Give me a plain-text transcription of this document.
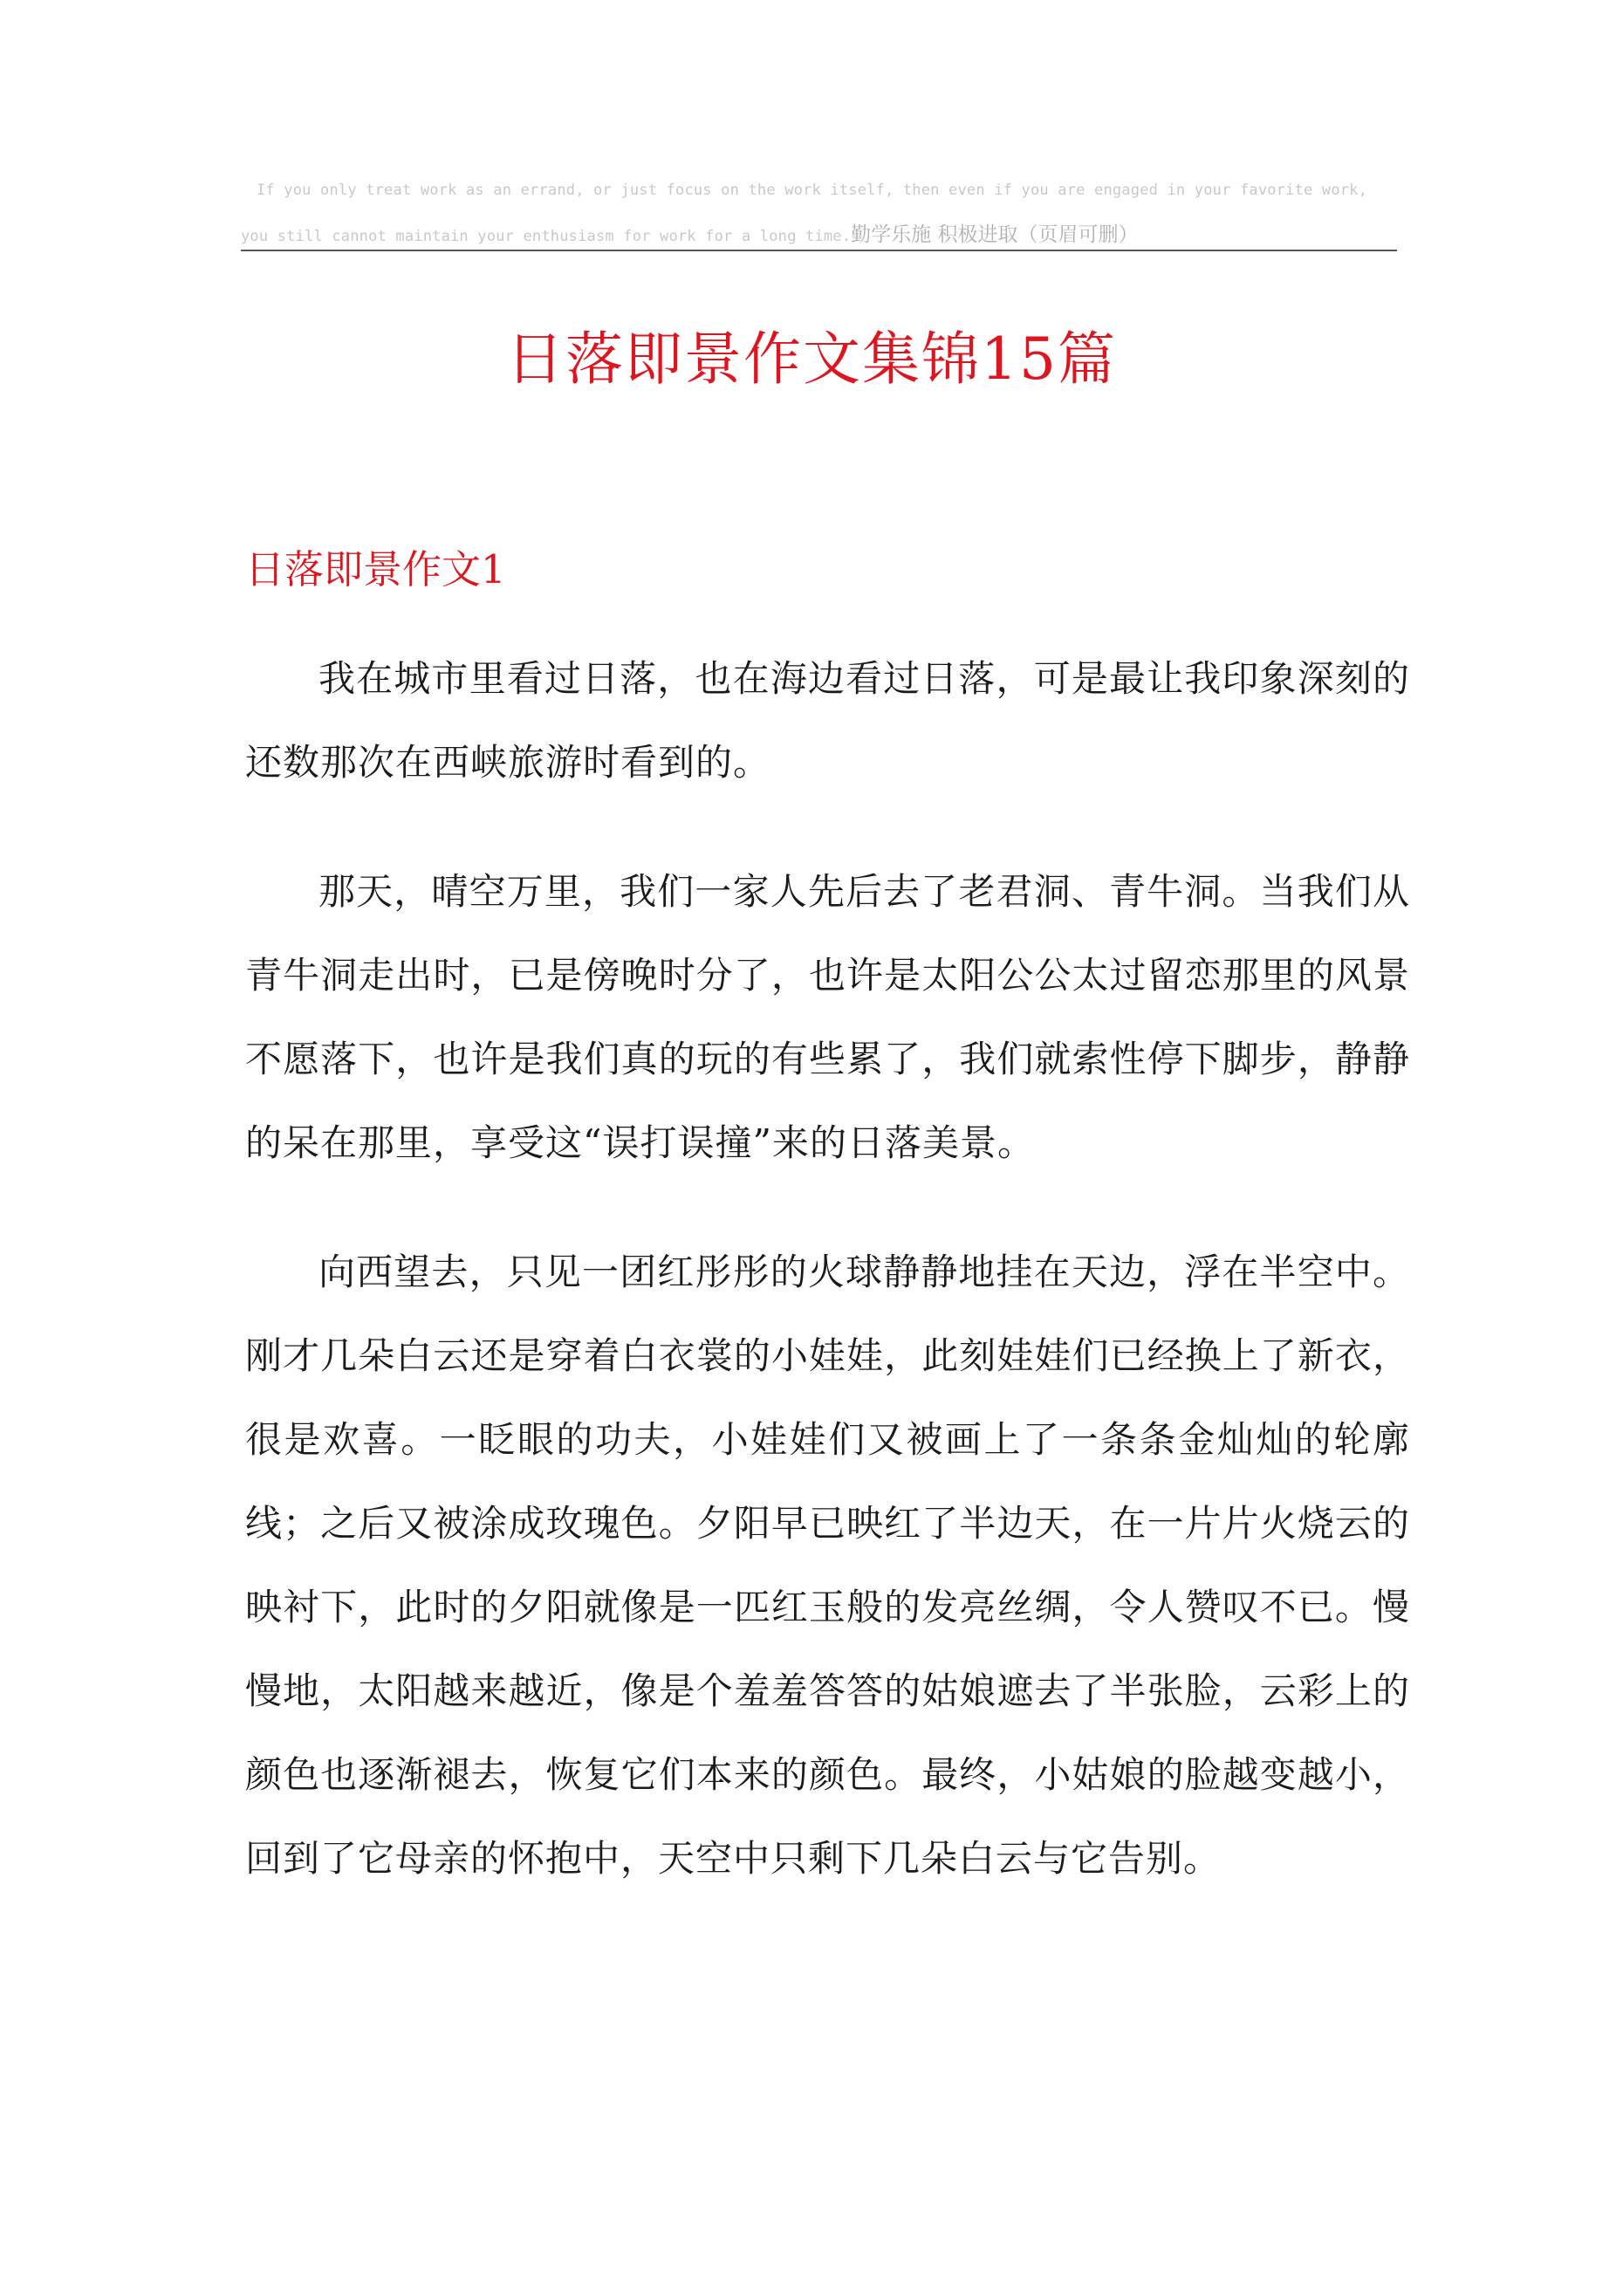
If you only treat work as an errand, or just focus on the work itself, then even if you are engaged in your favorite work,
you still cannot maintain your enthusiasm for work for a long time.勤学乐施 积极进取（页眉可删）
日落即景作文集锦15篇
日落即景作文1

我在城市里看过日落，也在海边看过日落，可是最让我印象深刻的还数那次在西峡旅游时看到的。

那天，晴空万里，我们一家人先后去了老君洞、青牛洞。当我们从青牛洞走出时，已是傍晚时分了，也许是太阳公公太过留恋那里的风景不愿落下，也许是我们真的玩的有些累了，我们就索性停下脚步，静静的呆在那里，享受这“误打误撞”来的日落美景。

向西望去，只见一团红彤彤的火球静静地挂在天边，浮在半空中。刚才几朵白云还是穿着白衣裳的小娃娃，此刻娃娃们已经换上了新衣，很是欢喜。一眨眼的功夫，小娃娃们又被画上了一条条金灿灿的轮廓线；之后又被涂成玫瑰色。夕阳早已映红了半边天，在一片片火烧云的映衬下，此时的夕阳就像是一匹红玉般的发亮丝绸，令人赞叹不已。慢慢地，太阳越来越近，像是个羞羞答答的姑娘遮去了半张脸，云彩上的颜色也逐渐褪去，恢复它们本来的颜色。最终，小姑娘的脸越变越小，回到了它母亲的怀抱中，天空中只剩下几朵白云与它告别。
